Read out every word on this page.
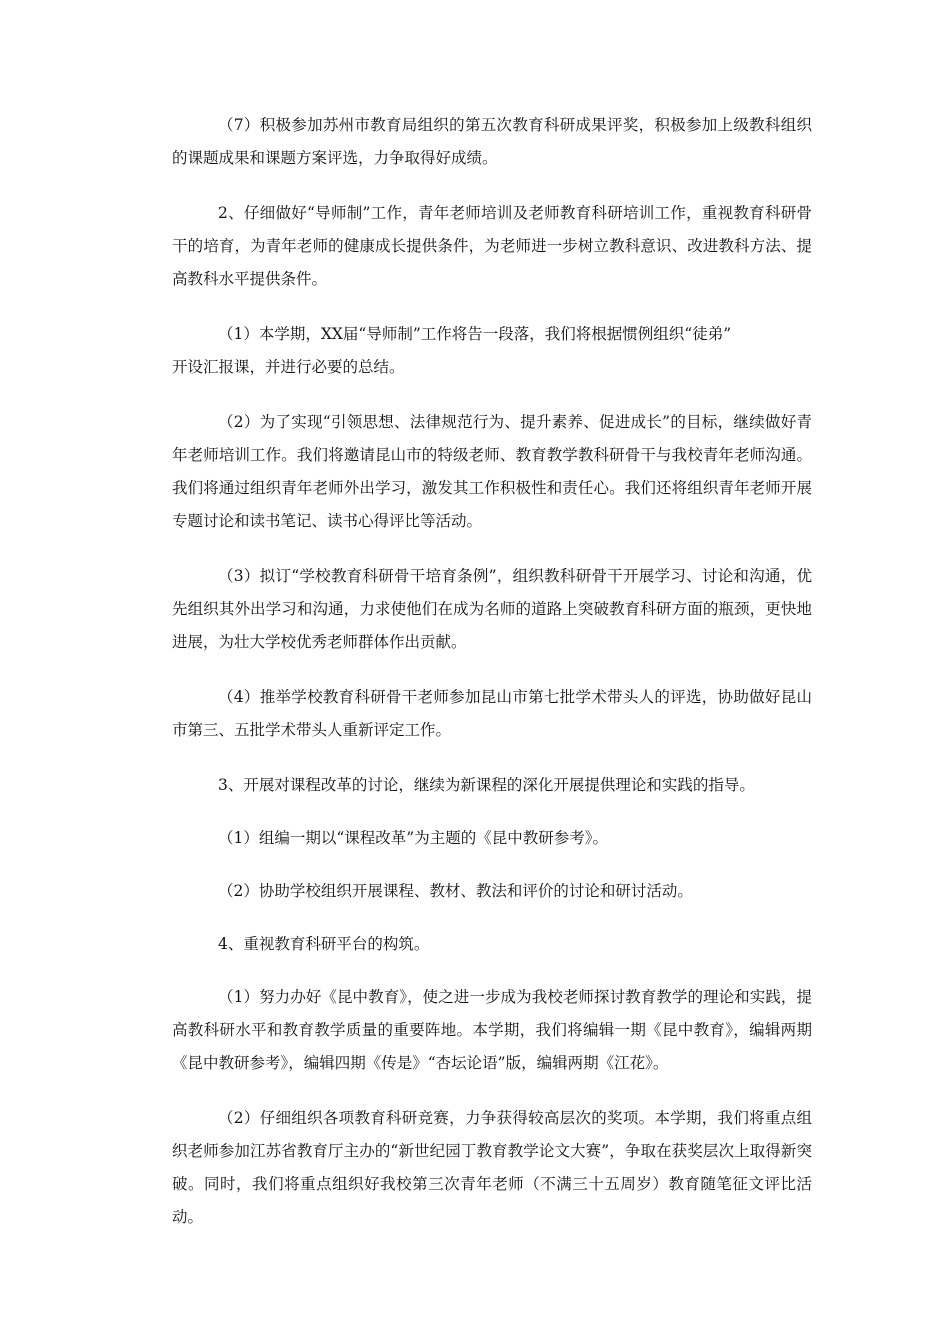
（7）积极参加苏州市教育局组织的第五次教育科研成果评奖，积极参加上级教科组织的课题成果和课题方案评选，力争取得好成绩。

2、仔细做好“导师制”工作，青年老师培训及老师教育科研培训工作，重视教育科研骨干的培育，为青年老师的健康成长提供条件，为老师进一步树立教科意识、改进教科方法、提高教科水平提供条件。

（1）本学期，XX届“导师制”工作将告一段落，我们将根据惯例组织“徒弟”
开设汇报课，并进行必要的总结。

（2）为了实现“引领思想、法律规范行为、提升素养、促进成长”的目标，继续做好青年老师培训工作。我们将邀请昆山市的特级老师、教育教学教科研骨干与我校青年老师沟通。我们将通过组织青年老师外出学习，激发其工作积极性和责任心。我们还将组织青年老师开展专题讨论和读书笔记、读书心得评比等活动。

（3）拟订“学校教育科研骨干培育条例”，组织教科研骨干开展学习、讨论和沟通，优先组织其外出学习和沟通，力求使他们在成为名师的道路上突破教育科研方面的瓶颈，更快地进展，为壮大学校优秀老师群体作出贡献。

（4）推举学校教育科研骨干老师参加昆山市第七批学术带头人的评选，协助做好昆山市第三、五批学术带头人重新评定工作。

3、开展对课程改革的讨论，继续为新课程的深化开展提供理论和实践的指导。

（1）组编一期以“课程改革”为主题的《昆中教研参考》。

（2）协助学校组织开展课程、教材、教法和评价的讨论和研讨活动。

4、重视教育科研平台的构筑。

（1）努力办好《昆中教育》，使之进一步成为我校老师探讨教育教学的理论和实践，提高教科研水平和教育教学质量的重要阵地。本学期，我们将编辑一期《昆中教育》，编辑两期《昆中教研参考》，编辑四期《传是》“杏坛论语”版，编辑两期《江花》。

（2）仔细组织各项教育科研竞赛，力争获得较高层次的奖项。本学期，我们将重点组织老师参加江苏省教育厅主办的“新世纪园丁教育教学论文大赛”，争取在获奖层次上取得新突破。同时，我们将重点组织好我校第三次青年老师（不满三十五周岁）教育随笔征文评比活动。
